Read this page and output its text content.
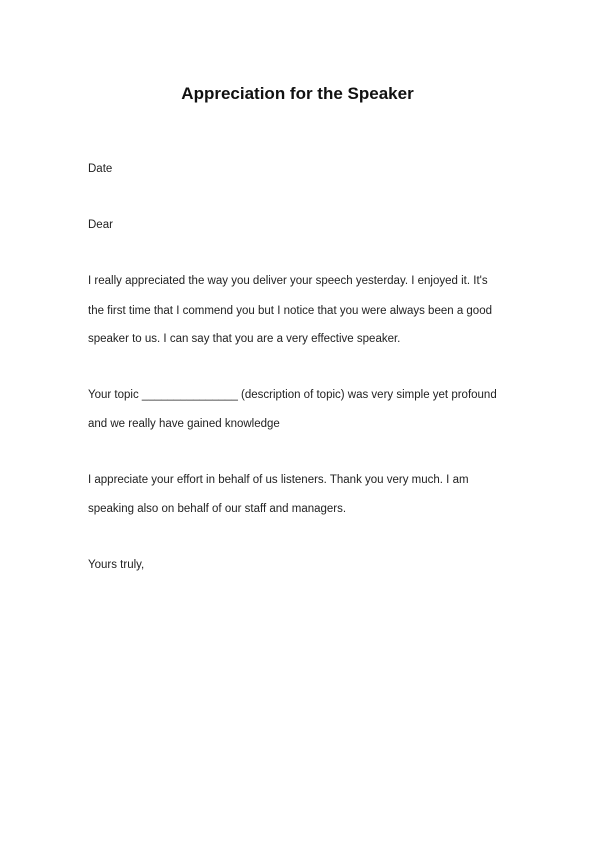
Appreciation for the Speaker

Date

Dear

I really appreciated the way you deliver your speech yesterday. I enjoyed it. It's

the first time that I commend you but I notice that you were always been a good

speaker to us. I can say that you are a very effective speaker.

Your topic _______________ (description of topic) was very simple yet profound

and we really have gained knowledge

I appreciate your effort in behalf of us listeners. Thank you very much. I am

speaking also on behalf of our staff and managers.

Yours truly,
